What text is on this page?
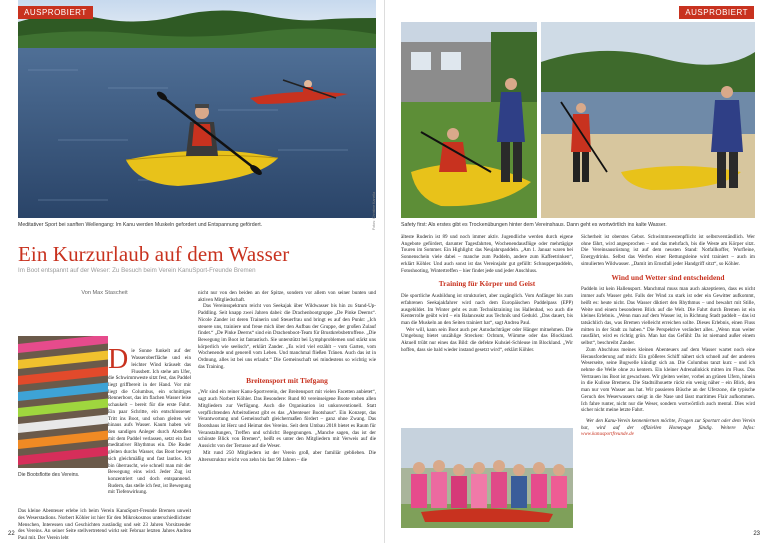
AUSPROBIERT
Fotos: Christine Kanella
Meditativer Sport bei sanften Wellengang: Im Kanu werden Muskeln gefordert und Entspannung gefördert.
Ein Kurzurlaub auf dem Wasser
Im Boot entspannt auf der Weser: Zu Besuch beim Verein KanuSport-Freunde Bremen
Von Max Stascheit

Die Sonne funkelt auf der Wasseroberfläche und ein leichter Wind kräuselt das Flussbett. Ich stehe am Ufer, die Schwimmweste sitzt fest, das Paddel liegt griffbereit in der Hand. Vor mir liegt die Columbus, ein schnittiges Rennerboot, das im flachen Wasser leise schaukelt – bereit für die erste Fahrt. Ein paar Schritte, ein entschlossener Tritt ins Boot, und schon gleiten wir hinaus aufs Wasser. Kaum haben wir den sandigen Anleger durch Abstoßen mit dem Paddel verlassen, setzt ein fast meditativer Rhythmus ein. Die Ruder gleiten durchs Wasser, das Boot bewegt sich gleichmäßig und fast lautlos. Ich bin überrascht, wie schnell man mit der Bewegung eins wird. Jeder Zug ist konzentriert und doch entspannend. Rudern, das stelle ich fest, ist Bewegung mit Tiefenwirkung.

Das kleine Abenteuer erlebe ich beim Verein KanuSport-Freunde Bremen unweit des Weserstadions. Norbert Köhler ist hier für den Mikrokosmos unterschiedlichster Menschen, Interessen und Geschichten zuständig und seit 23 Jahren Vorsitzender des Vereins. An seiner Seite stellvertretend wirkt seit Februar letzten Jahres Andrea Paul mit. Der Verein lebt

Die Bootsflotte des Vereins.

nicht nur von den beiden an der Spitze, sondern vor allem von seiner bunten und aktiven Mitgliedschaft.

Das Vereinsspektrum reicht von Seekajak über Wildwasser bis hin zu Stand-Up-Paddling. Seit knapp zwei Jahren dabei: die Drachenbootgruppe „De Pinke Deerns“. Nicole Zander ist deren Trainerin und Steuerfrau und bringt es auf den Punkt: „Ich steuere uns, trainiere und freue mich über den Aufbau der Gruppe, der großen Zulauf findet.“ „De Pinke Deerns“ sind ein Drachenboot-Team für Brustkrebsbetroffene. „Die Bewegung im Boot ist fantastisch. Sie unterstützt bei Lymphproblemen und stärkt uns körperlich wie seelisch“, erklärt Zander. „Es wird viel erzählt – vom Garten, vom Wochenende und generell vom Leben. Und manchmal fließen Tränen. Auch das ist in Ordnung, alles ist bei uns erlaubt.“ Die Gemeinschaft sei mindestens so wichtig wie das Training.

Breitensport mit Tiefgang

„Wir sind ein reiner Kanu-Sportverein, der Breitensport mit vielen Facetten anbietet“, sagt auch Norbert Köhler. Das Besondere: Rund 80 vereinseigene Boote stehen allen Mitgliedern zur Verfügung. Auch die Organisation ist unkonventionell. Statt verpflichtenden Arbeitsdienst gibt es das „Abenteuer Bootshaus“. Ein Konzept, das Verantwortung und Gemeinschaft gleichermaßen fördert – ganz ohne Zwang. Das Bootshaus ist Herz und Heimat des Vereins. Seit dem Umbau 2018 bietet es Raum für Veranstaltungen, Treffen und schlicht: Begegnungen. „Manche sagen, das ist der schönste Blick von Bremen“, heißt es unter den Mitgliedern mit Verweis auf die Aussicht von der Terrasse auf die Weser.

Mit rund 250 Mitgliedern ist der Verein groß, aber familiär geblieben. Die Altersstruktur reicht von zehn bis fast 90 Jahren – die

22
AUSPROBIERT
Safety first: Als erstes gibt es Trockenübungen hinter dem Vereinshaus. Dann geht es wortwörtlich ins kalte Wasser.

älteste Ruderin ist 89 und noch immer aktiv. Jugendliche werden durch eigene Angebote gefördert, darunter Tagesfahrten, Wochenendausflüge oder mehrtägige Touren im Sommer. Ein Highlight: das Neujahrspaddeln. „Am 1. Januar waren bei Sonnenschein viele dabei – manche zum Paddeln, andere zum Kaffeetrinken“, erklärt Köhler. Und auch sonst ist das Vereinsjahr gut gefüllt: Schnupperpaddeln, Fotoshooting, Wintertreffen – hier findet jede und jeder Anschluss.

Training für Körper und Geist

Die sportliche Ausbildung ist strukturiert, aber zugänglich. Vom Anfänger bis zum erfahrenen Seekajakfahrer wird nach dem Europäischen Paddelpass (EPP) ausgebildet. Im Winter geht es zum Techniktraining ins Hallenbad, wo auch die Kenterrolle geübt wird – ein Balanceakt aus Technik und Geduld. „Das dauert, bis man die Muskeln an den Seiten trainiert hat“, sagt Andrea Paul.

Wer will, kann sein Boot auch per Autodachträger oder Hänger mitnehmen. Die Umgebung bietet unzählige Strecken: Ochtum, Wümme oder das Blockland. Aktuell trübt nur eines das Bild: die defekte Kuhsiel-Schleuse im Blockland. „Wir hoffen, dass sie bald wieder instand gesetzt wird“, erklärt Köhler.

Sicherheit ist oberstes Gebot. Schwimmwestenpflicht ist selbstverständlich. Wer ohne fährt, wird angesprochen – und das mehrfach, bis die Weste am Körper sitzt. Die Vereinsausrüstung ist auf dem neusten Stand: Notfallkoffer, Wurfleine, Energydrinks. Selbst das Werfen einer Rettungsleine wird trainiert – auch im simulierten Wildwasser. „Damit im Ernstfall jeder Handgriff sitzt“, so Köhler.

Wind und Wetter sind entscheidend

Paddeln ist kein Hallensport. Manchmal muss man auch akzeptieren, dass es nicht immer aufs Wasser geht. Falls der Wind zu stark ist oder ein Gewitter aufkommt, heißt es: heute nicht. Das Wasser diktiert den Rhythmus – und bewahrt mit Stille, Weite und einem besonderen Blick auf die Welt. Die Fahrt durch Bremen ist ein kleines Erlebnis. „Wenn man auf dem Wasser ist, in Richtung Stadt paddelt – das ist tatsächlich das, was Bremen vielleicht erreichen sollte. Dieses Erlebnis, einen Fluss mitten in der Stadt zu haben.“ Die Perspektive verändert alles. „Wenn man weiter rausfährt, wird es richtig grün. Man hat das Gefühl: Da ist niemand außer einem selbst“, beschreibt Zander.

Zum Abschluss meines kleinen Abenteuers auf dem Wasser wartet noch eine Herausforderung auf mich: Ein größeres Schiff nähert sich schnell auf der anderen Weserseite, seine Bugwelle kündigt sich an. Die Columbus tanzt kurz – und ich nehme die Welle ohne zu kentern. Ein kleiner Adrenalinkick mitten im Fluss. Das Vertrauen ins Boot ist gewachsen. Wir gleiten weiter, vorbei an grünen Ufern, hinein in die Kulisse Bremens. Die Stadtsilhouette rückt ein wenig näher – ein Blick, den man nur vom Wasser aus hat. Wir passieren Büsche an der Uferzone, die typische Geruch des Weserwassers steigt in die Nase und lässt maritimes Flair aufkommen. Ich fahre runter, nicht nur die Weser, sondern wortwörtlich auch mental. Dies wird sicher nicht meine letzte Fahrt.

Wer den Kanu-Verein kennenlernen möchte, Fragen zur Sportart oder dem Verein hat, wird auf der offiziellen Homepage fündig. Weitere Infos: www.kanusportfreunde.de

23
